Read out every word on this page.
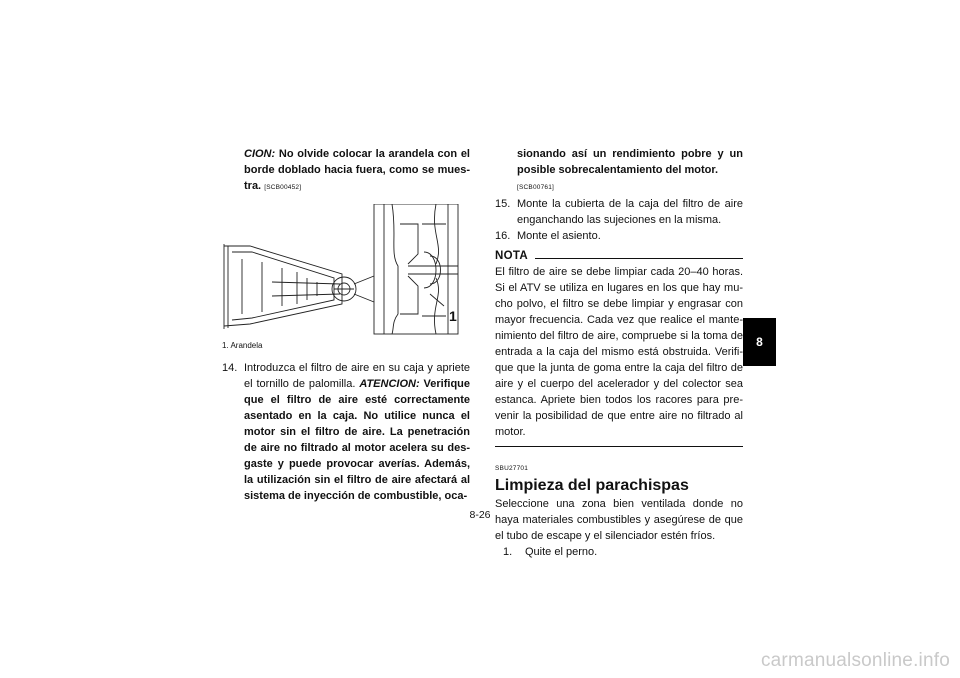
CION: No olvide colocar la arandela con el borde doblado hacia fuera, como se muestra. [SCB00452]
1
1. Arandela
14. Introduzca el filtro de aire en su caja y apriete el tornillo de palomilla. ATENCION: Verifique que el filtro de aire esté correctamente asentado en la caja. No utilice nunca el motor sin el filtro de aire. La penetración de aire no filtrado al motor acelera su desgaste y puede provocar averías. Además, la utilización sin el filtro de aire afectará al sistema de inyección de combustible, oca-
sionando así un rendimiento pobre y un posible sobrecalentamiento del motor.
[SCB00761]
15. Monte la cubierta de la caja del filtro de aire enganchando las sujeciones en la misma.
16. Monte el asiento.
NOTA
El filtro de aire se debe limpiar cada 20–40 horas. Si el ATV se utiliza en lugares en los que hay mucho polvo, el filtro se debe limpiar y engrasar con mayor frecuencia. Cada vez que realice el mantenimiento del filtro de aire, compruebe si la toma de entrada a la caja del mismo está obstruida. Verifique que la junta de goma entre la caja del filtro de aire y el cuerpo del acelerador y del colector sea estanca. Apriete bien todos los racores para prevenir la posibilidad de que entre aire no filtrado al motor.
SBU27701
Limpieza del parachispas
Seleccione una zona bien ventilada donde no haya materiales combustibles y asegúrese de que el tubo de escape y el silenciador estén fríos.
1. Quite el perno.
8
8-26
carmanualsonline.info
